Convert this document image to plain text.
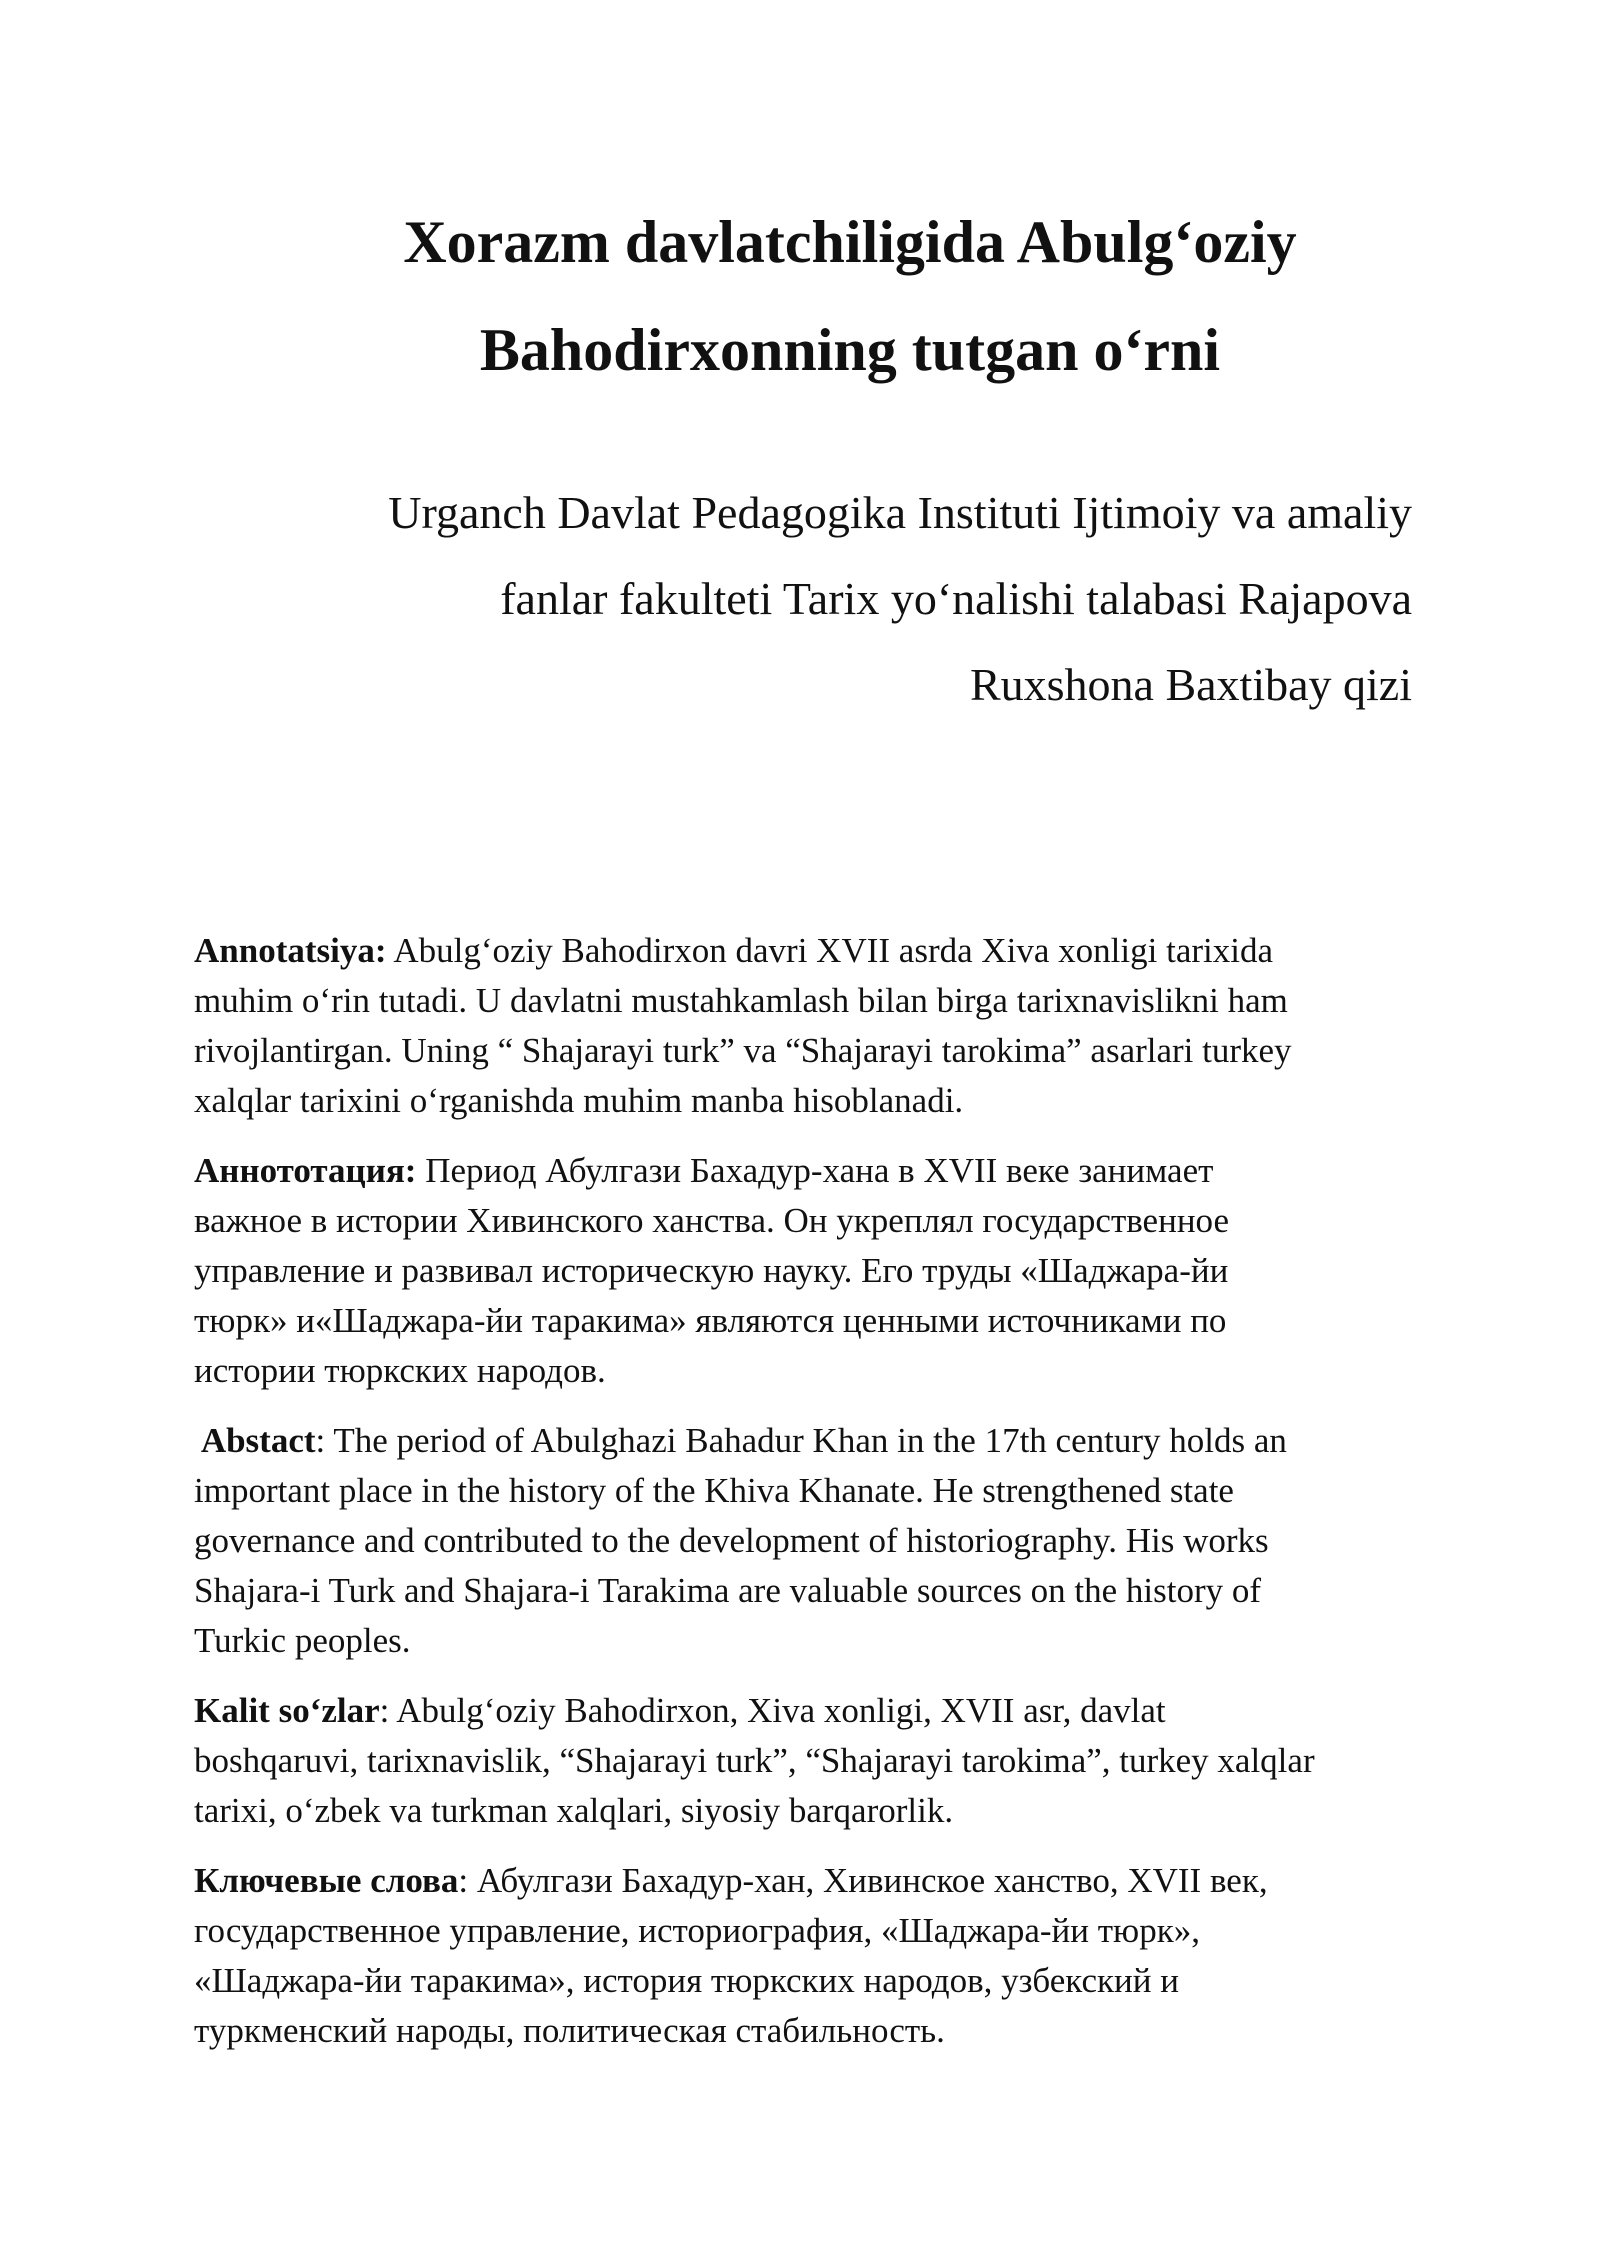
Xorazm davlatchiligida Abulg‘oziy
Bahodirxonning tutgan o‘rni
Urganch Davlat Pedagogika Instituti Ijtimoiy va amaliy
fanlar fakulteti Tarix yo‘nalishi talabasi Rajapova
Ruxshona Baxtibay qizi

Annotatsiya: Abulg‘oziy Bahodirxon davri XVII asrda Xiva xonligi tarixida
muhim o‘rin tutadi. U davlatni mustahkamlash bilan birga tarixnavislikni ham
rivojlantirgan. Uning “ Shajarayi turk” va “Shajarayi tarokima” asarlari turkey
xalqlar tarixini o‘rganishda muhim manba hisoblanadi.

Аннототация: Период Абулгази Бахадур-хана в XVII веке занимает
важное в истории Хивинского ханства. Он укреплял государственное
управление и развивал историческую науку. Его труды «Шаджара-йи
тюрк» и«Шаджара-йи таракима» являются ценными источниками по
истории тюркских народов.

Abstact: The period of Abulghazi Bahadur Khan in the 17th century holds an
important place in the history of the Khiva Khanate. He strengthened state
governance and contributed to the development of historiography. His works
Shajara-i Turk and Shajara-i Tarakima are valuable sources on the history of
Turkic peoples.

Kalit so‘zlar: Abulg‘oziy Bahodirxon, Xiva xonligi, XVII asr, davlat
boshqaruvi, tarixnavislik, “Shajarayi turk”, “Shajarayi tarokima”, turkey xalqlar
tarixi, o‘zbek va turkman xalqlari, siyosiy barqarorlik.

Ключевые слова: Абулгази Бахадур-хан, Хивинское ханство, XVII век,
государственное управление, историография, «Шаджара-йи тюрк»,
«Шаджара-йи таракима», история тюркских народов, узбекский и
туркменский народы, политическая стабильность.
